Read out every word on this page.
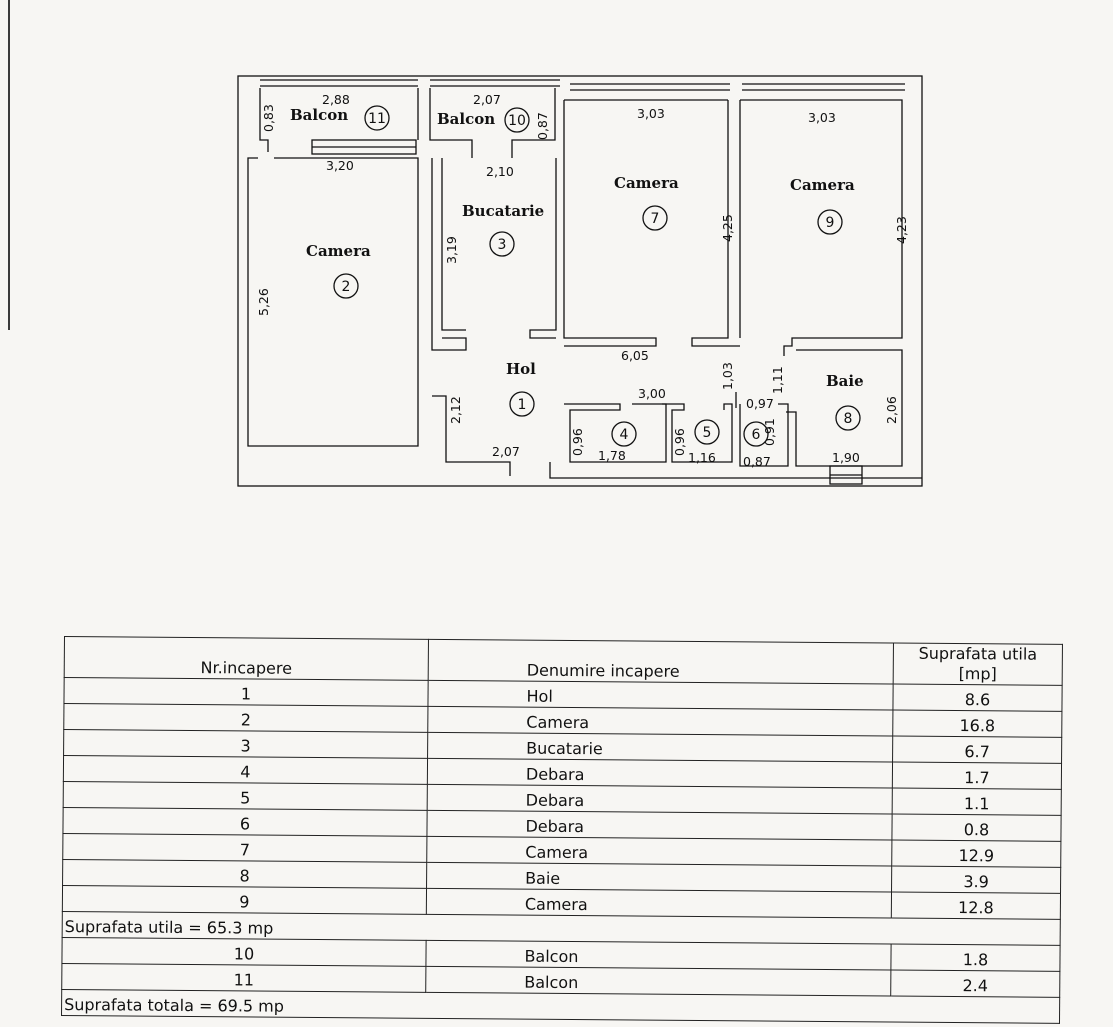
Balcon	Balcon
Bucatarie
Camera
Camera	Camera
Hol
Baie
11	10
3
2
7	9
1
8
4	5	6
2,88
3,20
2,07
2,10
3,03	3,03
6,05
3,00
0,97
2,07	1,78	1,16 0,87	1,90
0,83	0,87
3,19
5,26
4,25	4,23
1,03	1,11
2,06
2,12
0,96	0,96	0,91
Nr.incapere	Denumire incapere	Suprafata utila [mp]
1	Hol	8.6
2	Camera	16.8
3	Bucatarie	6.7
4	Debara	1.7
5	Debara	1.1
6	Debara	0.8
7	Camera	12.9
8	Baie	3.9
9	Camera	12.8
Suprafata utila = 65.3 mp		
10	Balcon	1.8
11	Balcon	2.4
Suprafata totala = 69.5 mp		
